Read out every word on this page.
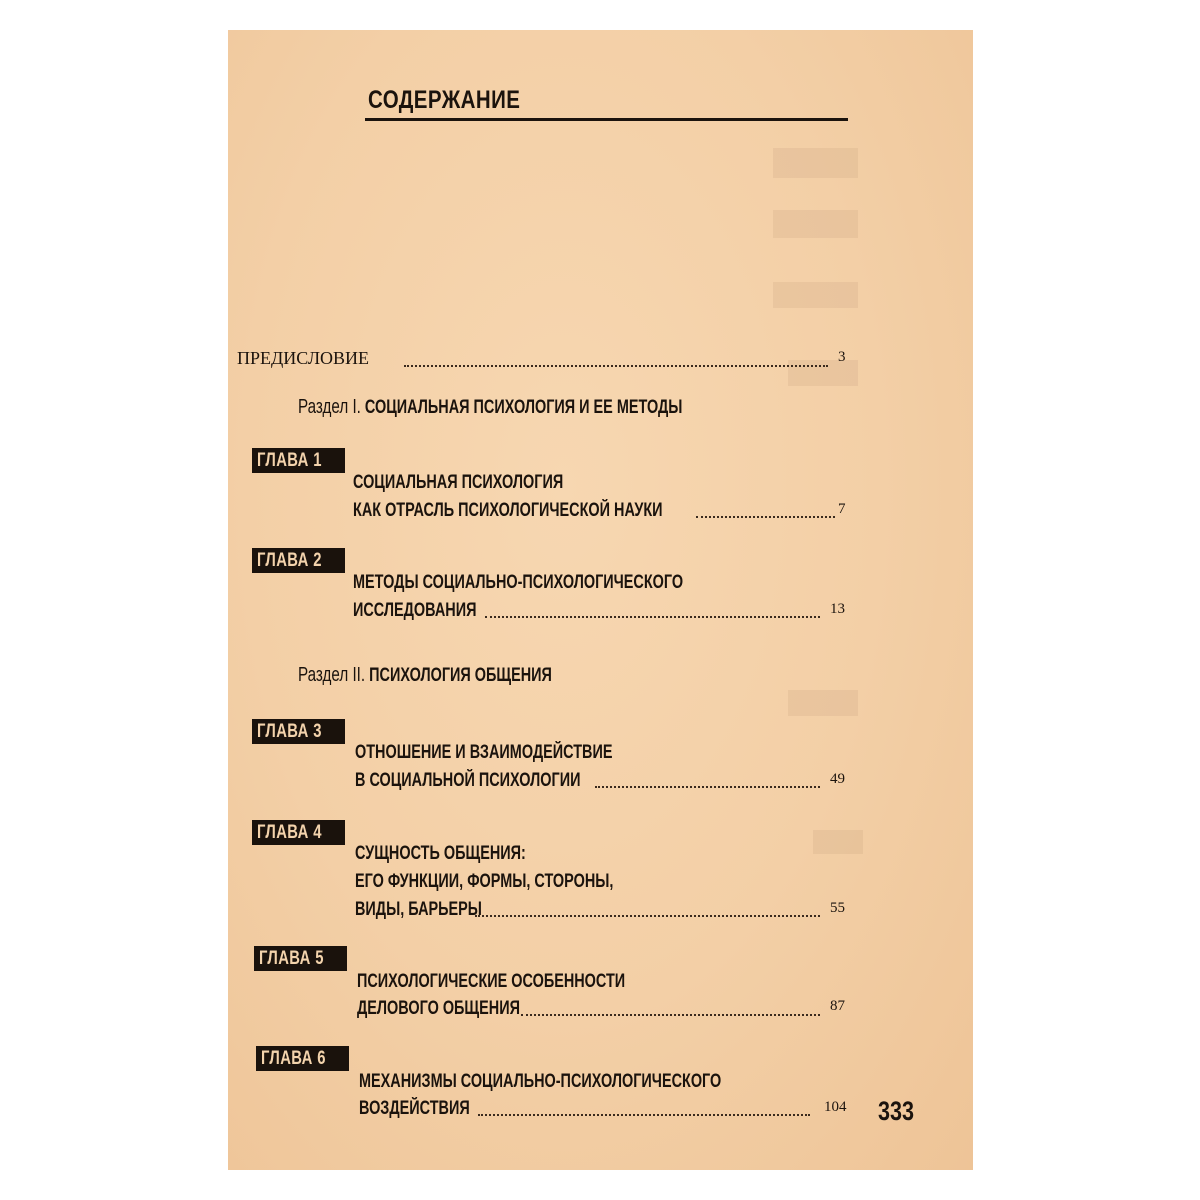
СОДЕРЖАНИЕ
ПРЕДИСЛОВИЕ	3
Раздел I. СОЦИАЛЬНАЯ ПСИХОЛОГИЯ И ЕЕ МЕТОДЫ
ГЛАВА 1
СОЦИАЛЬНАЯ ПСИХОЛОГИЯ
КАК ОТРАСЛЬ ПСИХОЛОГИЧЕСКОЙ НАУКИ	7
ГЛАВА 2
МЕТОДЫ СОЦИАЛЬНО-ПСИХОЛОГИЧЕСКОГО
ИССЛЕДОВАНИЯ	13
Раздел II. ПСИХОЛОГИЯ ОБЩЕНИЯ
ГЛАВА 3
ОТНОШЕНИЕ И ВЗАИМОДЕЙСТВИЕ
В СОЦИАЛЬНОЙ ПСИХОЛОГИИ	49
ГЛАВА 4
СУЩНОСТЬ ОБЩЕНИЯ:
ЕГО ФУНКЦИИ, ФОРМЫ, СТОРОНЫ,
ВИДЫ, БАРЬЕРЫ	55
ГЛАВА 5
ПСИХОЛОГИЧЕСКИЕ ОСОБЕННОСТИ
ДЕЛОВОГО ОБЩЕНИЯ	87
ГЛАВА 6
МЕХАНИЗМЫ СОЦИАЛЬНО-ПСИХОЛОГИЧЕСКОГО
ВОЗДЕЙСТВИЯ	104 333
